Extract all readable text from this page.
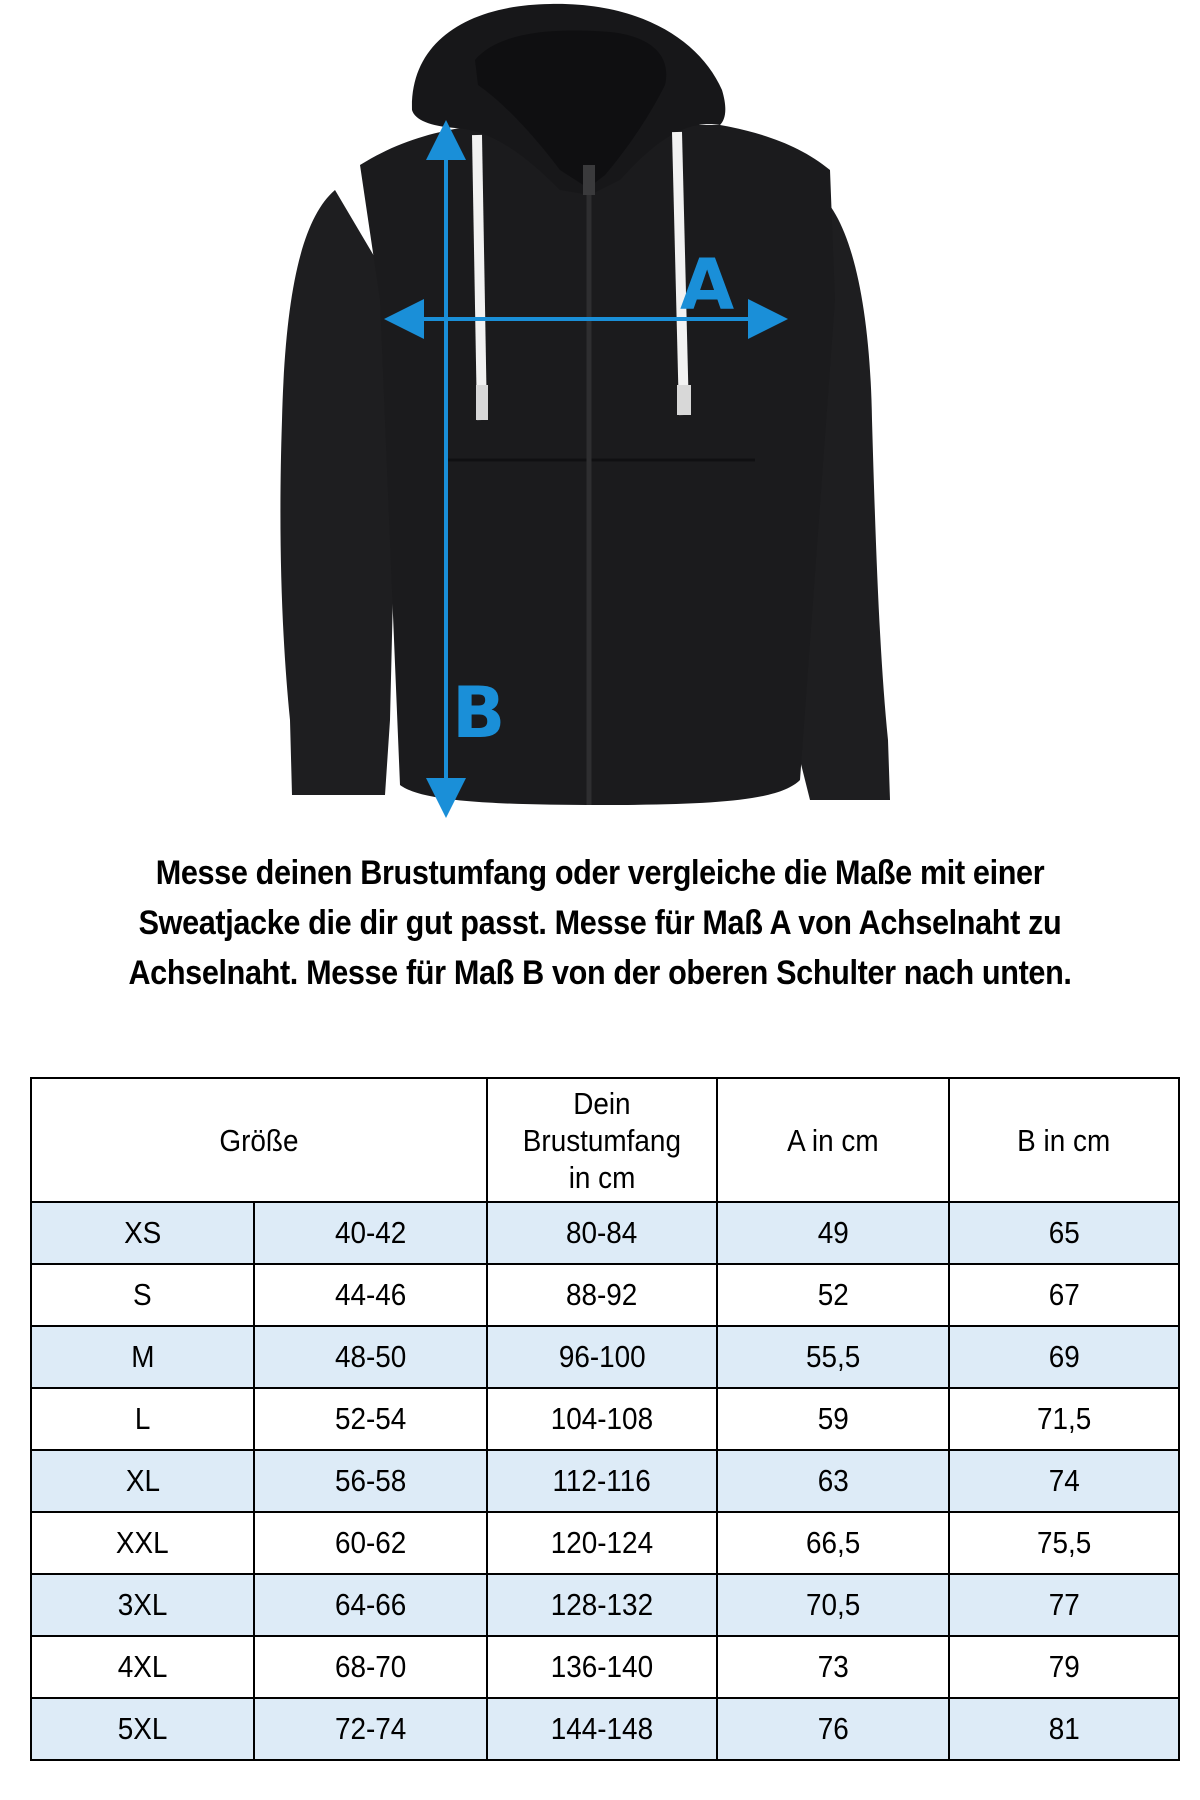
A
B
Messe deinen Brustumfang oder vergleiche die Maße mit einer Sweatjacke die dir gut passt. Messe für Maß A von Achselnaht zu Achselnaht. Messe für Maß B von der oberen Schulter nach unten.
Größe		Dein
Brustumfang
in cm	A in cm	B in cm
XS	40-42	80-84	49	65
S	44-46	88-92	52	67
M	48-50	96-100	55,5	69
L	52-54	104-108	59	71,5
XL	56-58	112-116	63	74
XXL	60-62	120-124	66,5	75,5
3XL	64-66	128-132	70,5	77
4XL	68-70	136-140	73	79
5XL	72-74	144-148	76	81
